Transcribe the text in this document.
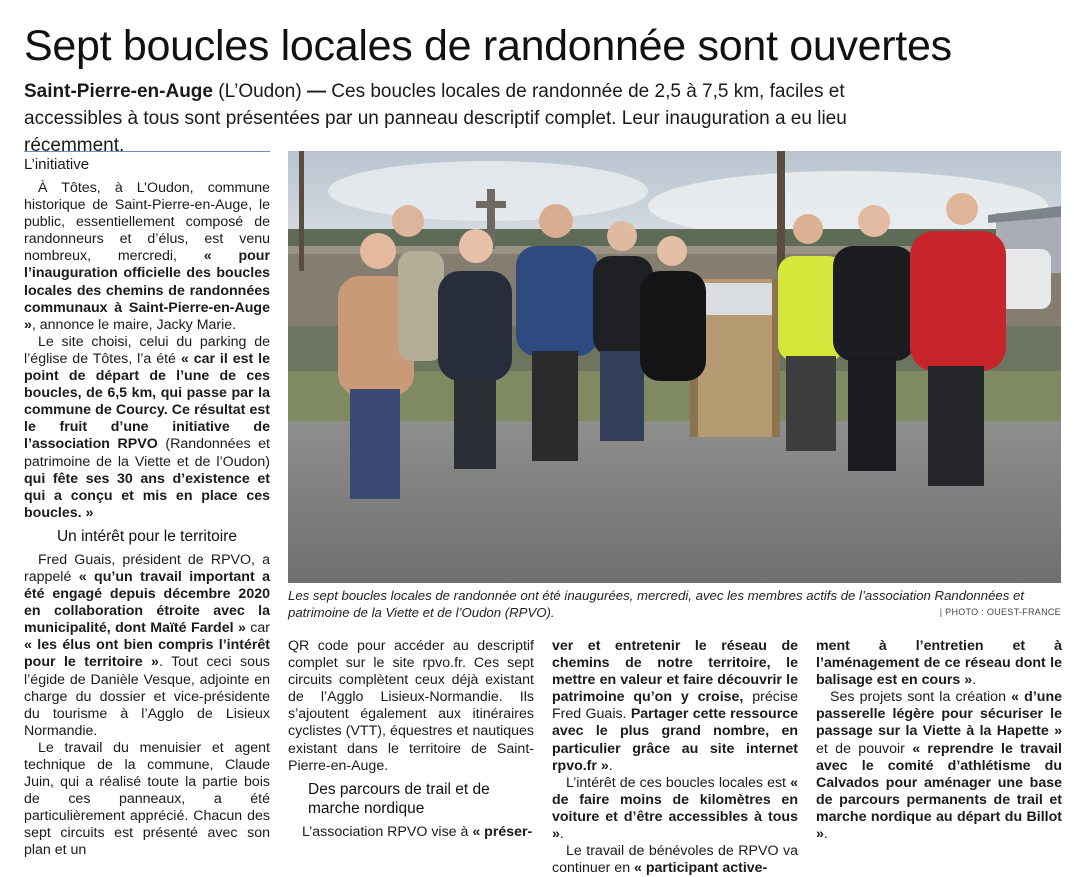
Sept boucles locales de randonnée sont ouvertes
Saint-Pierre-en-Auge (L’Oudon) — Ces boucles locales de randonnée de 2,5 à 7,5 km, faciles et accessibles à tous sont présentées par un panneau descriptif complet. Leur inauguration a eu lieu récemment.
L’initiative

À Tôtes, à L’Oudon, commune historique de Saint-Pierre-en-Auge, le public, essentiellement composé de randonneurs et d’élus, est venu nombreux, mercredi, « pour l’inauguration officielle des boucles locales des chemins de randonnées communaux à Saint-Pierre-en-Auge », annonce le maire, Jacky Marie.

Le site choisi, celui du parking de l’église de Tôtes, l’a été « car il est le point de départ de l’une de ces boucles, de 6,5 km, qui passe par la commune de Courcy. Ce résultat est le fruit d’une initiative de l’association RPVO (Randonnées et patrimoine de la Viette et de l’Oudon) qui fête ses 30 ans d’existence et qui a conçu et mis en place ces boucles. »

Un intérêt pour le territoire

Fred Guais, président de RPVO, a rappelé « qu’un travail important a été engagé depuis décembre 2020 en collaboration étroite avec la municipalité, dont Maïté Fardel » car « les élus ont bien compris l’intérêt pour le territoire ». Tout ceci sous l’égide de Danièle Vesque, adjointe en charge du dossier et vice-présidente du tourisme à l’Agglo de Lisieux Normandie.

Le travail du menuisier et agent technique de la commune, Claude Juin, qui a réalisé toute la partie bois de ces panneaux, a été particulièrement apprécié. Chacun des sept circuits est présenté avec son plan et un

Les sept boucles locales de randonnée ont été inaugurées, mercredi, avec les membres actifs de l’association Randonnées et patrimoine de la Viette et de l’Oudon (RPVO).	| PHOTO : OUEST-FRANCE

QR code pour accéder au descriptif complet sur le site rpvo.fr. Ces sept circuits complètent ceux déjà existant de l’Agglo Lisieux-Normandie. Ils s’ajoutent également aux itinéraires cyclistes (VTT), équestres et nautiques existant dans le territoire de Saint-Pierre-en-Auge.

Des parcours de trail et de marche nordique

L’association RPVO vise à « préser-

ver et entretenir le réseau de chemins de notre territoire, le mettre en valeur et faire découvrir le patrimoine qu’on y croise, précise Fred Guais. Partager cette ressource avec le plus grand nombre, en particulier grâce au site internet rpvo.fr ».

L’intérêt de ces boucles locales est « de faire moins de kilomètres en voiture et d’être accessibles à tous ».

Le travail de bénévoles de RPVO va continuer en « participant active-

ment à l’entretien et à l’aménagement de ce réseau dont le balisage est en cours ».

Ses projets sont la création « d’une passerelle légère pour sécuriser le passage sur la Viette à la Hapette » et de pouvoir « reprendre le travail avec le comité d’athlétisme du Calvados pour aménager une base de parcours permanents de trail et marche nordique au départ du Billot ».
